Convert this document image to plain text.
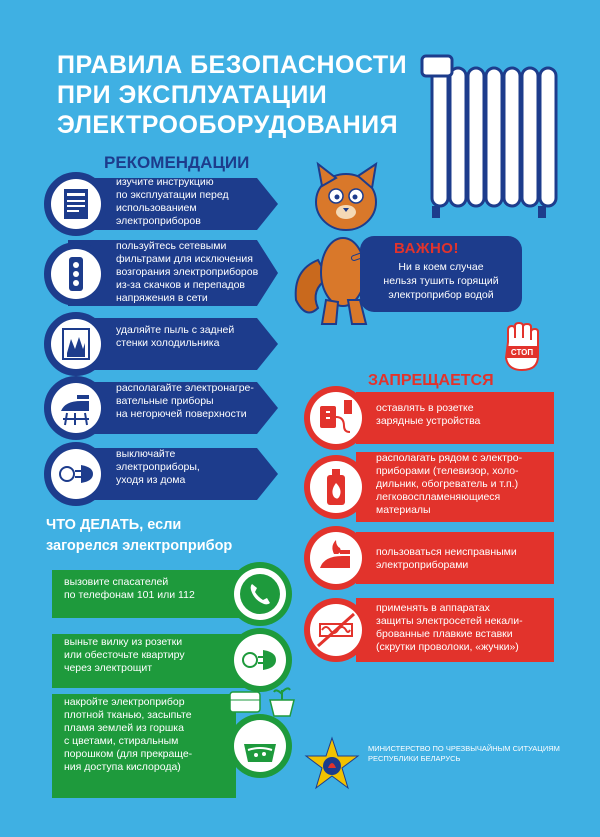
ПРАВИЛА БЕЗОПАСНОСТИ
ПРИ ЭКСПЛУАТАЦИИ
ЭЛЕКТРООБОРУДОВАНИЯ
ВАЖНО!
Ни в коем случае
нельзя тушить горящий
электроприбор водой
РЕКОМЕНДАЦИИ
изучите инструкцию
по эксплуатации перед
использованием
электроприборов
пользуйтесь сетевыми
фильтрами для исключения
возгорания электроприборов
из-за скачков и перепадов
напряжения в сети
удаляйте пыль с задней
стенки холодильника
располагайте электронагре-
вательные приборы
на негорючей поверхности
выключайте
электроприборы,
уходя из дома
СТОП
ЗАПРЕЩАЕТСЯ
оставлять в розетке
зарядные устройства
располагать рядом с электро-
приборами (телевизор, холо-
дильник, обогреватель и т.п.)
легковоспламеняющиеся
материалы
пользоваться неисправными
электроприборами
применять в аппаратах
защиты электросетей некали-
брованные плавкие вставки
(скрутки проволоки, «жучки»)
ЧТО ДЕЛАТЬ, если
загорелся электроприбор
вызовите спасателей
по телефонам 101 или 112
выньте вилку из розетки
или обесточьте квартиру
через электрощит
накройте электроприбор
плотной тканью, засыпьте
пламя землей из горшка
с цветами, стиральным
порошком (для прекраще-
ния доступа кислорода)
МИНИСТЕРСТВО ПО ЧРЕЗВЫЧАЙНЫМ СИТУАЦИЯМ
РЕСПУБЛИКИ БЕЛАРУСЬ
